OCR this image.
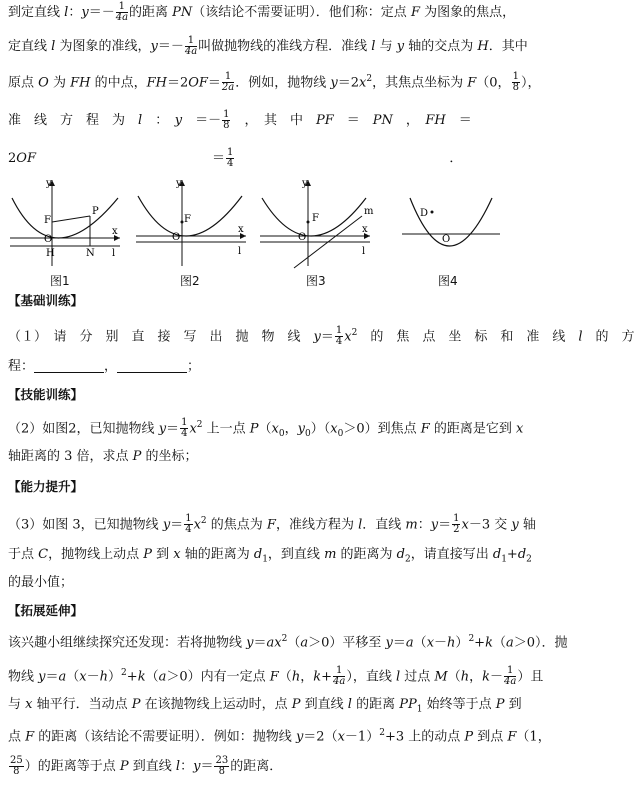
到定直线 l：$y=- \frac{1}{4a}$ 的距离 PN（该结论不需要证明）．他们称：定点 F 为图象的焦点，
定直线 l 为图象的准线，$y=- \frac{1}{4a}$ 叫做抛物线的准线方程．准线 l 与 y 轴的交点为 H．其中
原点 O 为 FH 的中点，$FH=2OF= \frac{1}{2a}$ ．例如，抛物线 $y=2x^2$，其焦点坐标为 F（0， $\frac{1}{8}$ ），
准　线　方　程　为　l　：　y　＝－ $\frac{1}{8}$ 　，　其　中　PF　＝　PN　，　FH　＝
2OF	＝ $\frac{1}{4}$	．
y
x
l
F
P
O
H	N
y
x
l
F
O
y
x
l
F
O
m	D
O
图1	图2	图3	图4
【基础训练】
（１）　请　分　别　直　接　写　出　抛　物　线　$y= \frac{1}{4} x^2$　的　焦　点　坐　标　和　准　线　l　的　方
程：	，	；
【技能训练】
（2）如图2，已知抛物线 $y= \frac{1}{4} x^2$ 上一点 $P(x_0$，$y_0)(x_0>0)$到焦点 F 的距离是它到 x
轴距离的 3 倍，求点 P 的坐标；
【能力提升】
（3）如图 3，已知抛物线 $y= \frac{1}{4} x^2$ 的焦点为 F，准线方程为 l．直线 m：$y= \frac{1}{2} x-3$ 交 y 轴
于点 C，抛物线上动点 P 到 x 轴的距离为 $d_1$，到直线 m 的距离为 $d_2$，请直接写出 $d_1+d_2$
的最小值；
【拓展延伸】
该兴趣小组继续探究还发现：若将抛物线 $y=ax^2(a>0)$平移至 $y=a(x-h)^2+k(a>0)$．抛
物线 $y=a(x-h)^2+k(a>0)$内有一定点 F（h，$k+ \frac{1}{4a}$ ），直线 l 过点 M（h，$k- \frac{1}{4a}$ ）且
与 x 轴平行．当动点 P 在该抛物线上运动时，点 P 到直线 l 的距离 $PP_1$ 始终等于点 P 到
点 F 的距离（该结论不需要证明）．例如：抛物线 $y=2(x-1)^2+3$ 上的动点 P 到点 F（1，
$\frac{25}{8}$ ）的距离等于点 P 到直线 l：$y= \frac{23}{8}$ 的距离．
